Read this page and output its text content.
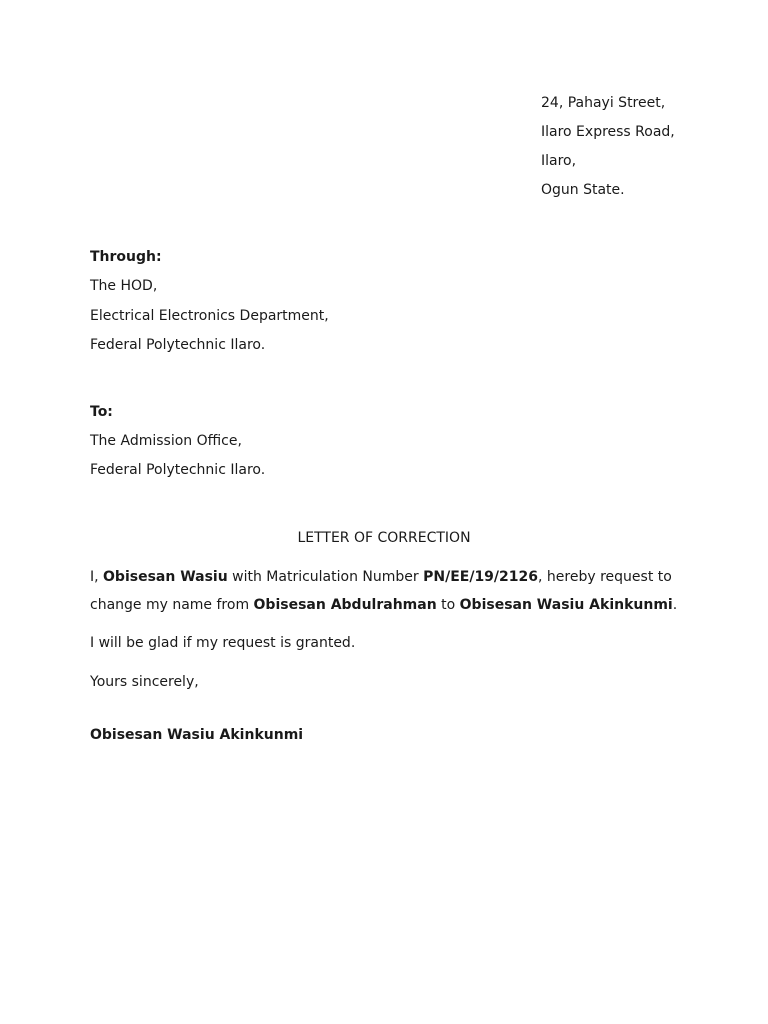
24, Pahayi Street,
Ilaro Express Road,
Ilaro,
Ogun State.
Through:
The HOD,
Electrical Electronics Department,
Federal Polytechnic Ilaro.
To:
The Admission Office,
Federal Polytechnic Ilaro.
LETTER OF CORRECTION
I, Obisesan Wasiu with Matriculation Number PN/EE/19/2126, hereby request to change my name from Obisesan Abdulrahman to Obisesan Wasiu Akinkunmi.
I will be glad if my request is granted.
Yours sincerely,
Obisesan Wasiu Akinkunmi
